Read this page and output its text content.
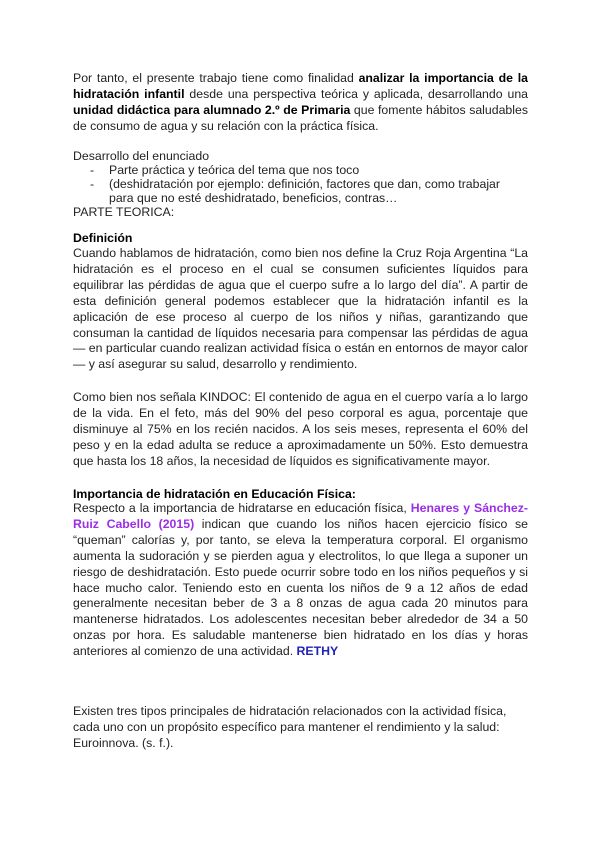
Por tanto, el presente trabajo tiene como finalidad analizar la importancia de la hidratación infantil desde una perspectiva teórica y aplicada, desarrollando una unidad didáctica para alumnado 2.º de Primaria que fomente hábitos saludables de consumo de agua y su relación con la práctica física.
Desarrollo del enunciado
- Parte práctica y teórica del tema que nos toco
- (deshidratación por ejemplo: definición, factores que dan, como trabajar para que no esté deshidratado, beneficios, contras…
PARTE TEORICA:
Definición
Cuando hablamos de hidratación, como bien nos define la Cruz Roja Argentina “La hidratación es el proceso en el cual se consumen suficientes líquidos para equilibrar las pérdidas de agua que el cuerpo sufre a lo largo del día”. A partir de esta definición general podemos establecer que la hidratación infantil es la aplicación de ese proceso al cuerpo de los niños y niñas, garantizando que consuman la cantidad de líquidos necesaria para compensar las pérdidas de agua — en particular cuando realizan actividad física o están en entornos de mayor calor — y así asegurar su salud, desarrollo y rendimiento.
Como bien nos señala KINDOC: El contenido de agua en el cuerpo varía a lo largo de la vida. En el feto, más del 90% del peso corporal es agua, porcentaje que disminuye al 75% en los recién nacidos. A los seis meses, representa el 60% del peso y en la edad adulta se reduce a aproximadamente un 50%. Esto demuestra que hasta los 18 años, la necesidad de líquidos es significativamente mayor.
Importancia de hidratación en Educación Física:
Respecto a la importancia de hidratarse en educación física, Henares y Sánchez-Ruiz Cabello (2015) indican que cuando los niños hacen ejercicio físico se “queman” calorías y, por tanto, se eleva la temperatura corporal. El organismo aumenta la sudoración y se pierden agua y electrolitos, lo que llega a suponer un riesgo de deshidratación. Esto puede ocurrir sobre todo en los niños pequeños y si hace mucho calor. Teniendo esto en cuenta los niños de 9 a 12 años de edad generalmente necesitan beber de 3 a 8 onzas de agua cada 20 minutos para mantenerse hidratados. Los adolescentes necesitan beber alrededor de 34 a 50 onzas por hora. Es saludable mantenerse bien hidratado en los días y horas anteriores al comienzo de una actividad. RETHY
Existen tres tipos principales de hidratación relacionados con la actividad física,
cada uno con un propósito específico para mantener el rendimiento y la salud:
Euroinnova. (s. f.).
